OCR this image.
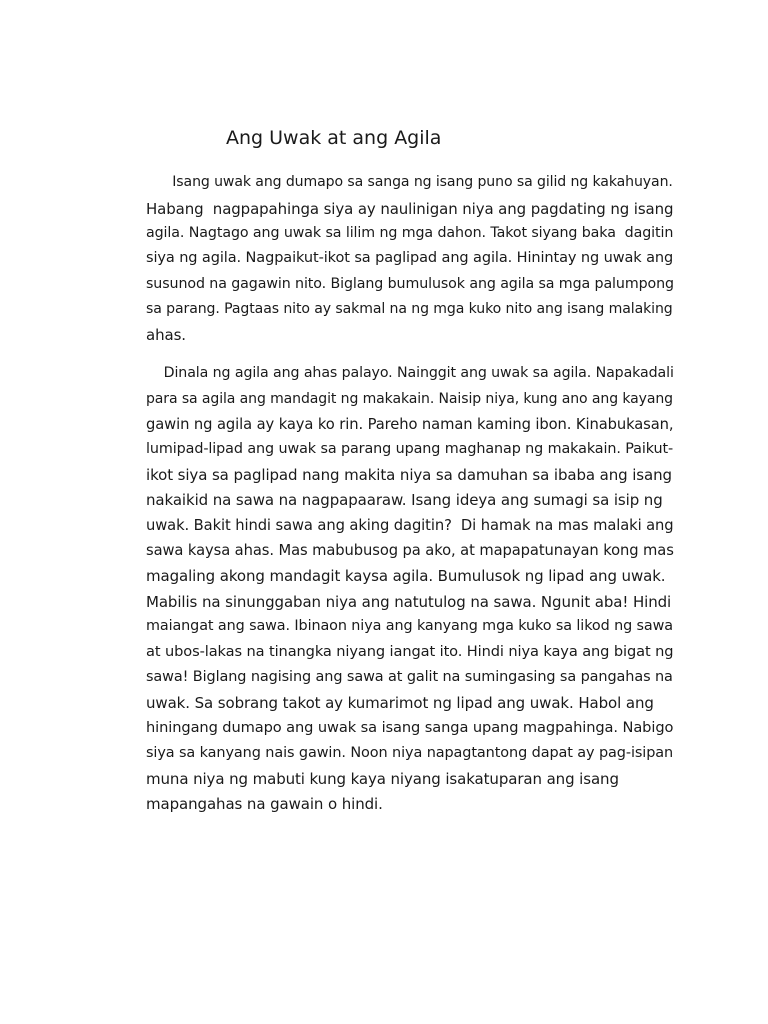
Ang Uwak at ang Agila

Isang uwak ang dumapo sa sanga ng isang puno sa gilid ng kakahuyan.

Habang  nagpapahinga siya ay naulinigan niya ang pagdating ng isang

agila. Nagtago ang uwak sa lilim ng mga dahon. Takot siyang baka  dagitin

siya ng agila. Nagpaikut-ikot sa paglipad ang agila. Hinintay ng uwak ang

susunod na gagawin nito. Biglang bumulusok ang agila sa mga palumpong

sa parang. Pagtaas nito ay sakmal na ng mga kuko nito ang isang malaking

ahas.

Dinala ng agila ang ahas palayo. Nainggit ang uwak sa agila. Napakadali

para sa agila ang mandagit ng makakain. Naisip niya, kung ano ang kayang

gawin ng agila ay kaya ko rin. Pareho naman kaming ibon. Kinabukasan,

lumipad-lipad ang uwak sa parang upang maghanap ng makakain. Paikut-

ikot siya sa paglipad nang makita niya sa damuhan sa ibaba ang isang

nakaikid na sawa na nagpapaaraw. Isang ideya ang sumagi sa isip ng

uwak. Bakit hindi sawa ang aking dagitin?  Di hamak na mas malaki ang

sawa kaysa ahas. Mas mabubusog pa ako, at mapapatunayan kong mas

magaling akong mandagit kaysa agila. Bumulusok ng lipad ang uwak.

Mabilis na sinunggaban niya ang natutulog na sawa. Ngunit aba! Hindi

maiangat ang sawa. Ibinaon niya ang kanyang mga kuko sa likod ng sawa

at ubos-lakas na tinangka niyang iangat ito. Hindi niya kaya ang bigat ng

sawa! Biglang nagising ang sawa at galit na sumingasing sa pangahas na

uwak. Sa sobrang takot ay kumarimot ng lipad ang uwak. Habol ang

hiningang dumapo ang uwak sa isang sanga upang magpahinga. Nabigo

siya sa kanyang nais gawin. Noon niya napagtantong dapat ay pag-isipan

muna niya ng mabuti kung kaya niyang isakatuparan ang isang

mapangahas na gawain o hindi.
